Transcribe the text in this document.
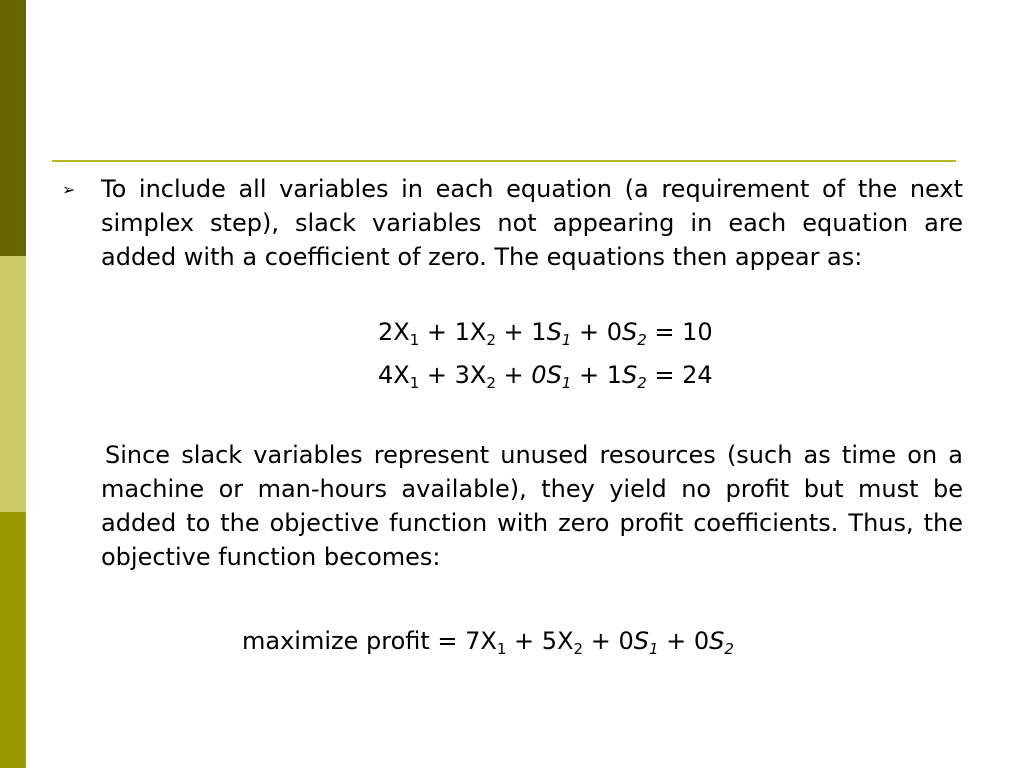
➢ To include all variables in each equation (a requirement of the next simplex step), slack variables not appearing in each equation are added with a coefficient of zero. The equations then appear as:

$2X_1 + 1X_2 + 1S_1 + 0S_2 = 10$
$4X_1 + 3X_2 + 0S_1 + 1S_2 = 24$

Since slack variables represent unused resources (such as time on a machine or man-hours available), they yield no profit but must be added to the objective function with zero profit coefficients. Thus, the objective function becomes:

maximize profit = $7X_1 + 5X_2 + 0S_1 + 0S_2$
